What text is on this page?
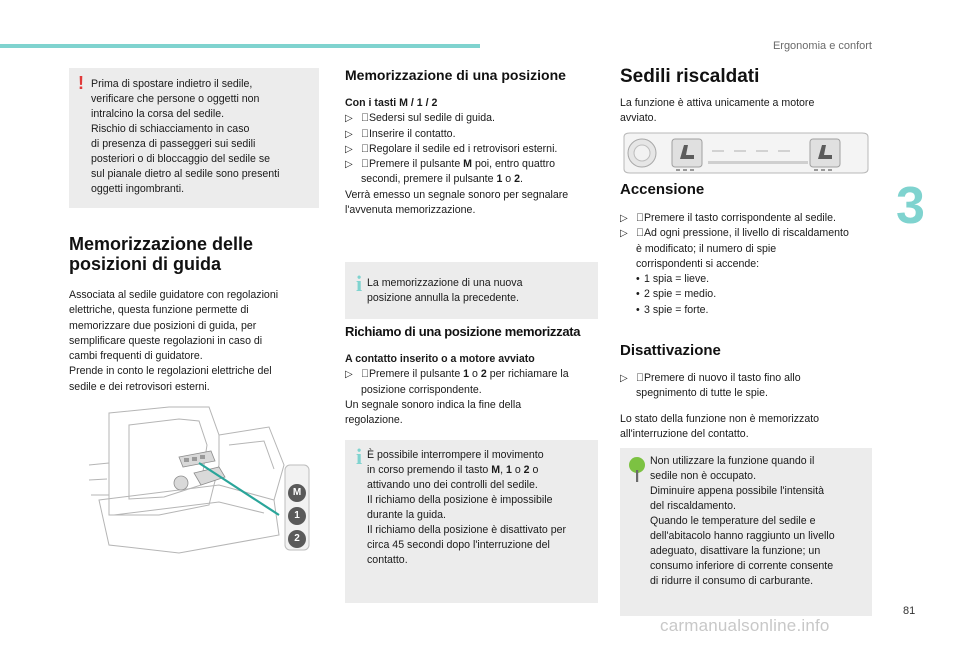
Ergonomia e confort
3
81
carmanualsonline.info
! Prima di spostare indietro il sedile,
verificare che persone o oggetti non
intralcino la corsa del sedile.
Rischio di schiacciamento in caso
di presenza di passeggeri sui sedili
posteriori o di bloccaggio del sedile se
sul pianale dietro al sedile sono presenti
oggetti ingombranti.
Memorizzazione delle
posizioni di guida

Associata al sedile guidatore con regolazioni
elettriche, questa funzione permette di
memorizzare due posizioni di guida, per
semplificare queste regolazioni in caso di
cambi frequenti di guidatore.
Prende in conto le regolazioni elettriche del
sedile e dei retrovisori esterni.

M
1
2
Memorizzazione di una posizione
Con i tasti M / 1 / 2
▷ Sedersi sul sedile di guida.
▷ Inserire il contatto.
▷ Regolare il sedile ed i retrovisori esterni.
▷ Premere il pulsante M poi, entro quattro
secondi, premere il pulsante 1 o 2.

Verrà emesso un segnale sonoro per segnalare
l'avvenuta memorizzazione.

i La memorizzazione di una nuova
posizione annulla la precedente.
Richiamo di una posizione memorizzata
A contatto inserito o a motore avviato
▷ Premere il pulsante 1 o 2 per richiamare la
posizione corrispondente.

Un segnale sonoro indica la fine della
regolazione.

i È possibile interrompere il movimento
in corso premendo il tasto M, 1 o 2 o
attivando uno dei controlli del sedile.
Il richiamo della posizione è impossibile
durante la guida.
Il richiamo della posizione è disattivato per
circa 45 secondi dopo l'interruzione del
contatto.
Sedili riscaldati

La funzione è attiva unicamente a motore
avviato.

Accensione
▷ Premere il tasto corrispondente al sedile.
▷ Ad ogni pressione, il livello di riscaldamento
è modificato; il numero di spie
corrispondenti si accende:
• 1 spia = lieve.
• 2 spie = medio.
• 3 spie = forte.
Disattivazione
▷ Premere di nuovo il tasto fino allo
spegnimento di tutte le spie.

Lo stato della funzione non è memorizzato
all'interruzione del contatto.

Non utilizzare la funzione quando il
sedile non è occupato.
Diminuire appena possibile l'intensità
del riscaldamento.
Quando le temperature del sedile e
dell'abitacolo hanno raggiunto un livello
adeguato, disattivare la funzione; un
consumo inferiore di corrente consente
di ridurre il consumo di carburante.
